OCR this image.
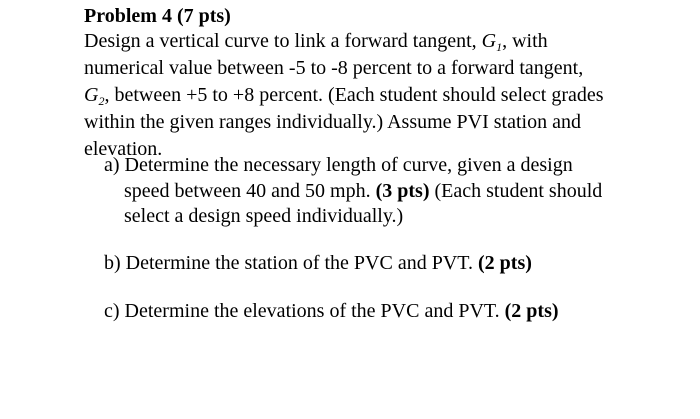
Problem 4 (7 pts)
Design a vertical curve to link a forward tangent, $G_1$, with
numerical value between -5 to -8 percent to a forward tangent,
$G_2$, between +5 to +8 percent. (Each student should select grades
within the given ranges individually.) Assume PVI station and
elevation.
a) Determine the necessary length of curve, given a design
speed between 40 and 50 mph. (3 pts) (Each student should
select a design speed individually.)
b) Determine the station of the PVC and PVT. (2 pts)
c) Determine the elevations of the PVC and PVT. (2 pts)
